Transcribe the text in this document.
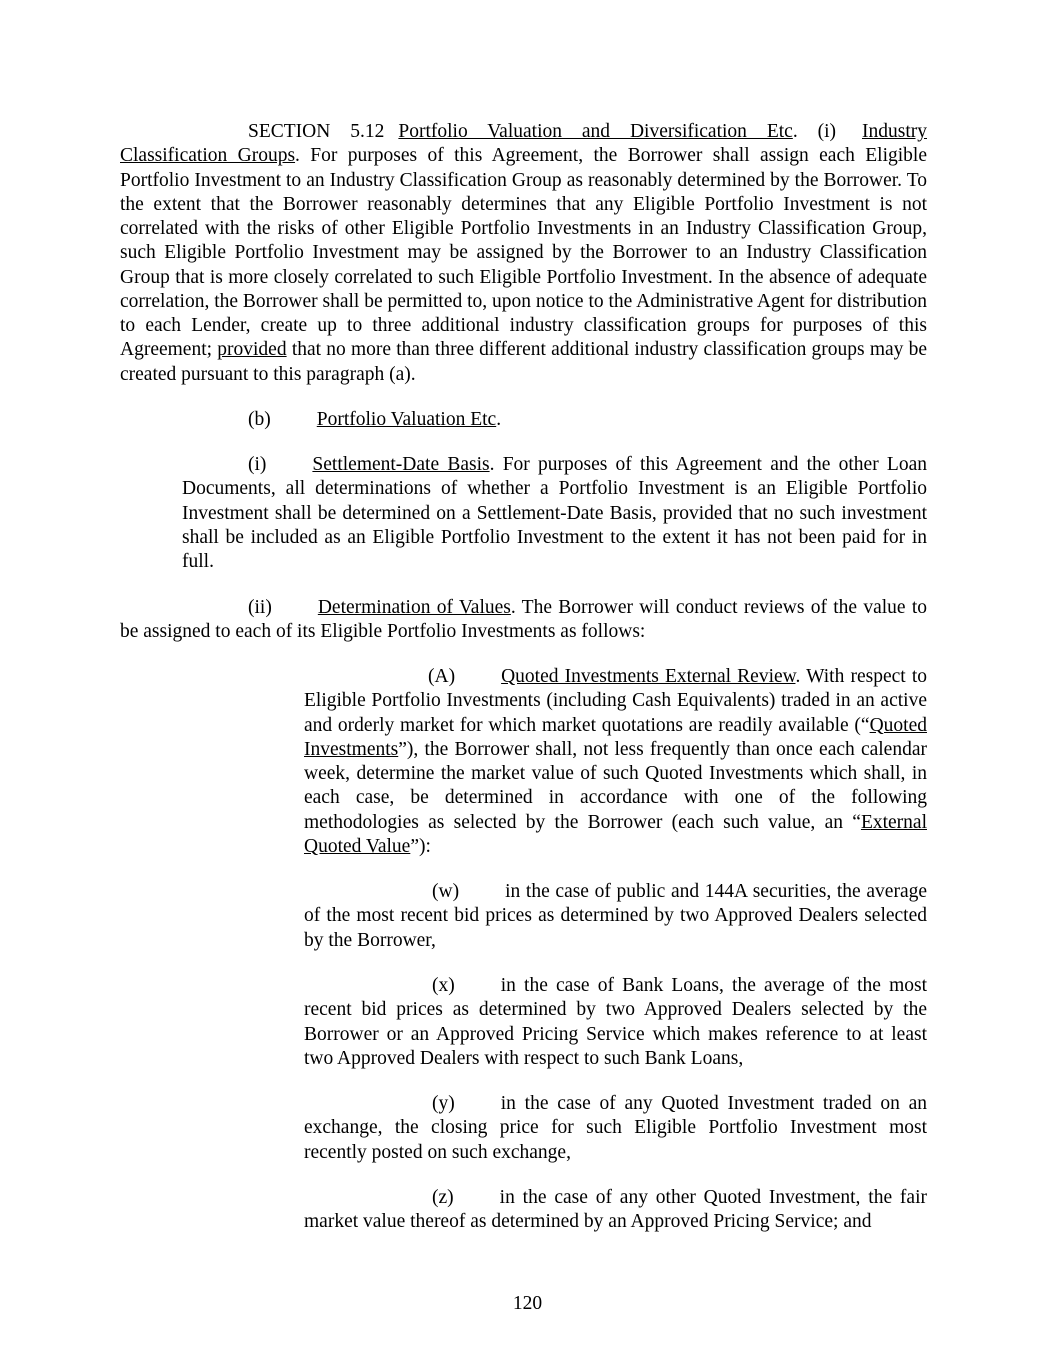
SECTION 5.12 Portfolio Valuation and Diversification Etc. (i) Industry Classification Groups. For purposes of this Agreement, the Borrower shall assign each Eligible Portfolio Investment to an Industry Classification Group as reasonably determined by the Borrower. To the extent that the Borrower reasonably determines that any Eligible Portfolio Investment is not correlated with the risks of other Eligible Portfolio Investments in an Industry Classification Group, such Eligible Portfolio Investment may be assigned by the Borrower to an Industry Classification Group that is more closely correlated to such Eligible Portfolio Investment. In the absence of adequate correlation, the Borrower shall be permitted to, upon notice to the Administrative Agent for distribution to each Lender, create up to three additional industry classification groups for purposes of this Agreement; provided that no more than three different additional industry classification groups may be created pursuant to this paragraph (a).

(b) Portfolio Valuation Etc.

(i) Settlement-Date Basis. For purposes of this Agreement and the other Loan Documents, all determinations of whether a Portfolio Investment is an Eligible Portfolio Investment shall be determined on a Settlement-Date Basis, provided that no such investment shall be included as an Eligible Portfolio Investment to the extent it has not been paid for in full.

(ii) Determination of Values. The Borrower will conduct reviews of the value to be assigned to each of its Eligible Portfolio Investments as follows:

(A) Quoted Investments External Review. With respect to Eligible Portfolio Investments (including Cash Equivalents) traded in an active and orderly market for which market quotations are readily available (“Quoted Investments”), the Borrower shall, not less frequently than once each calendar week, determine the market value of such Quoted Investments which shall, in each case, be determined in accordance with one of the following methodologies as selected by the Borrower (each such value, an “External Quoted Value”):

(w) in the case of public and 144A securities, the average of the most recent bid prices as determined by two Approved Dealers selected by the Borrower,

(x) in the case of Bank Loans, the average of the most recent bid prices as determined by two Approved Dealers selected by the Borrower or an Approved Pricing Service which makes reference to at least two Approved Dealers with respect to such Bank Loans,

(y) in the case of any Quoted Investment traded on an exchange, the closing price for such Eligible Portfolio Investment most recently posted on such exchange,

(z) in the case of any other Quoted Investment, the fair market value thereof as determined by an Approved Pricing Service; and

120
